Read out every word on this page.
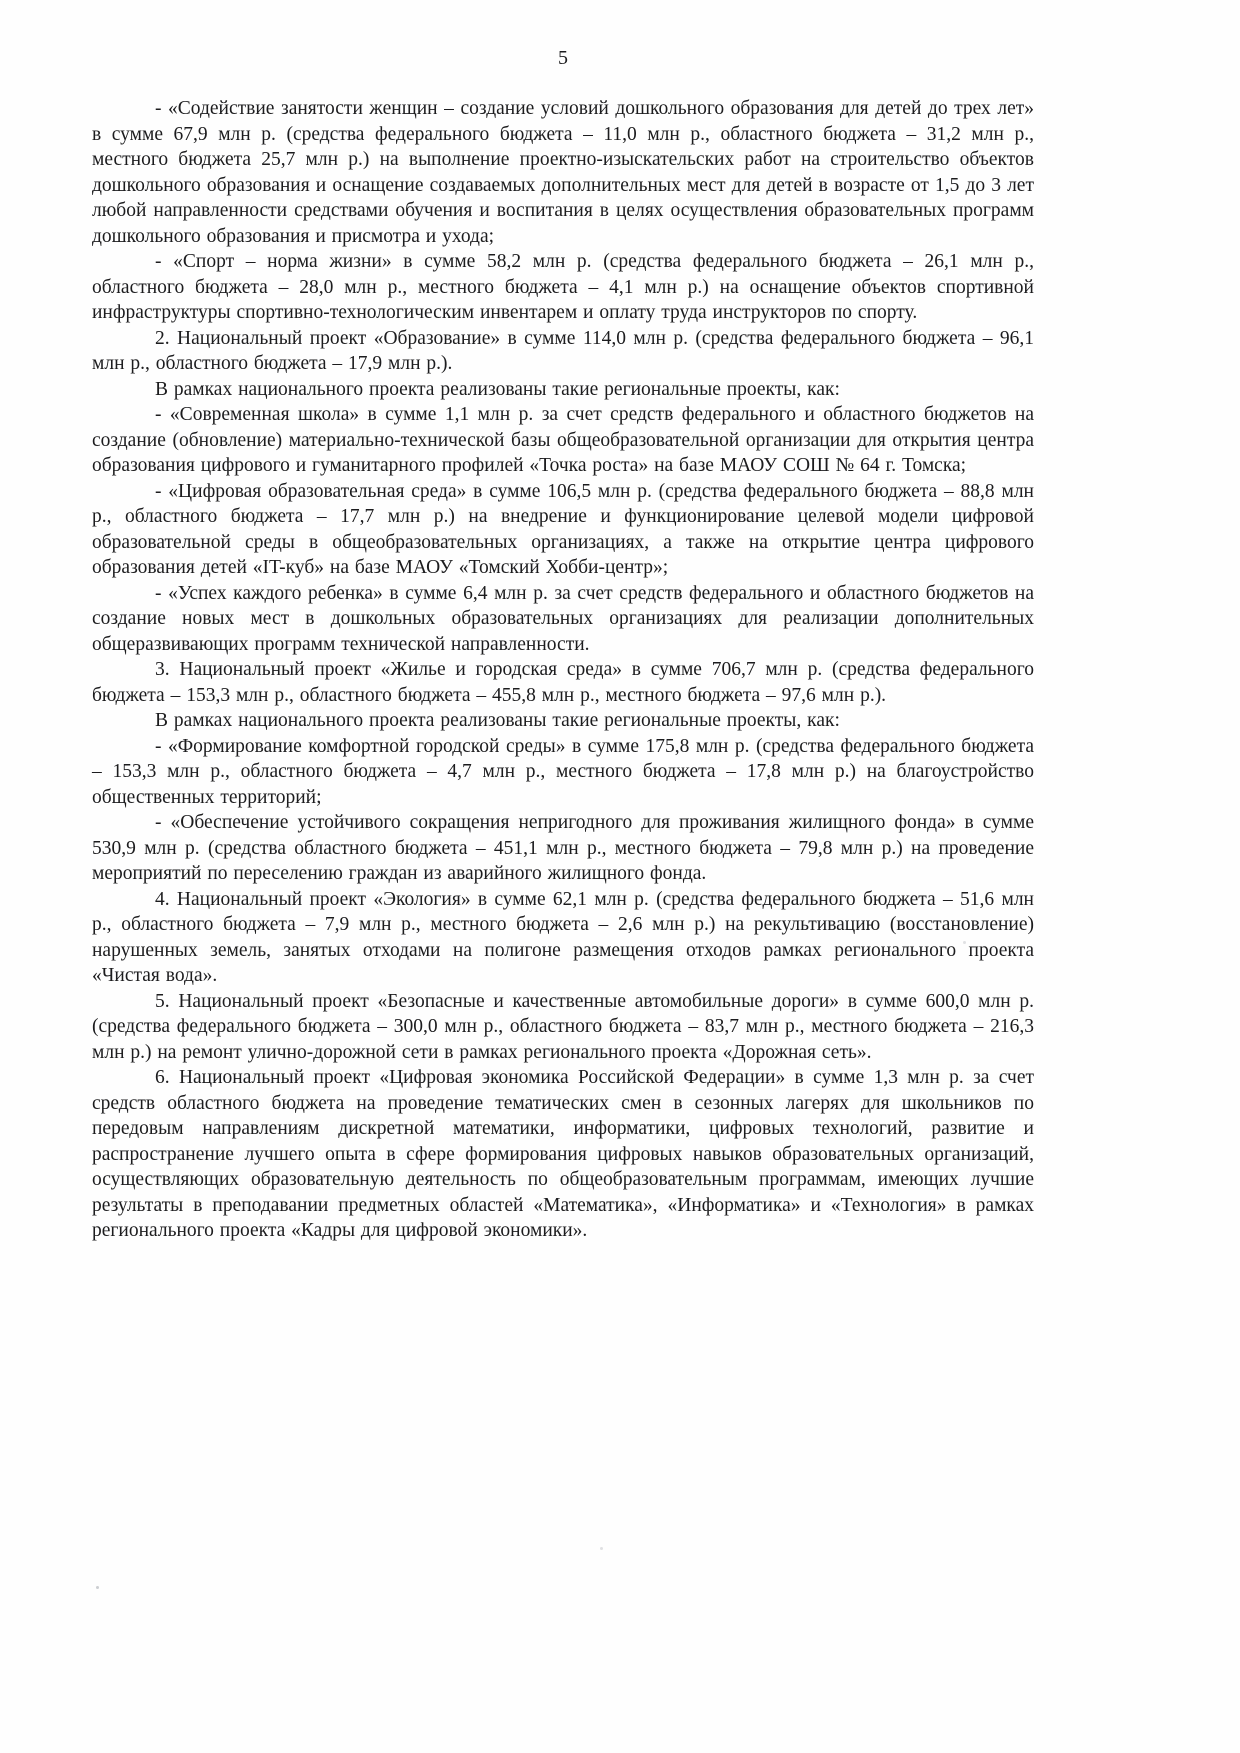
5

- «Содействие занятости женщин – создание условий дошкольного образования для детей до трех лет» в сумме 67,9 млн р. (средства федерального бюджета – 11,0 млн р., областного бюджета – 31,2 млн р., местного бюджета 25,7 млн р.) на выполнение проектно-изыскательских работ на строительство объектов дошкольного образования и оснащение создаваемых дополнительных мест для детей в возрасте от 1,5 до 3 лет любой направленности средствами обучения и воспитания в целях осуществления образовательных программ дошкольного образования и присмотра и ухода;

- «Спорт – норма жизни» в сумме 58,2 млн р. (средства федерального бюджета – 26,1 млн р., областного бюджета – 28,0 млн р., местного бюджета – 4,1 млн р.) на оснащение объектов спортивной инфраструктуры спортивно-технологическим инвентарем и оплату труда инструкторов по спорту.

2. Национальный проект «Образование» в сумме 114,0 млн р. (средства федерального бюджета – 96,1 млн р., областного бюджета – 17,9 млн р.).

В рамках национального проекта реализованы такие региональные проекты, как:

- «Современная школа» в сумме 1,1 млн р. за счет средств федерального и областного бюджетов на создание (обновление) материально-технической базы общеобразовательной организации для открытия центра образования цифрового и гуманитарного профилей «Точка роста» на базе МАОУ СОШ № 64 г. Томска;

- «Цифровая образовательная среда» в сумме 106,5 млн р. (средства федерального бюджета – 88,8 млн р., областного бюджета – 17,7 млн р.) на внедрение и функционирование целевой модели цифровой образовательной среды в общеобразовательных организациях, а также на открытие центра цифрового образования детей «IT-куб» на базе МАОУ «Томский Хобби-центр»;

- «Успех каждого ребенка» в сумме 6,4 млн р. за счет средств федерального и областного бюджетов на создание новых мест в дошкольных образовательных организациях для реализации дополнительных общеразвивающих программ технической направленности.

3. Национальный проект «Жилье и городская среда» в сумме 706,7 млн р. (средства федерального бюджета – 153,3 млн р., областного бюджета – 455,8 млн р., местного бюджета – 97,6 млн р.).

В рамках национального проекта реализованы такие региональные проекты, как:

- «Формирование комфортной городской среды» в сумме 175,8 млн р. (средства федерального бюджета – 153,3 млн р., областного бюджета – 4,7 млн р., местного бюджета – 17,8 млн р.) на благоустройство общественных территорий;

- «Обеспечение устойчивого сокращения непригодного для проживания жилищного фонда» в сумме 530,9 млн р. (средства областного бюджета – 451,1 млн р., местного бюджета – 79,8 млн р.) на проведение мероприятий по переселению граждан из аварийного жилищного фонда.

4. Национальный проект «Экология» в сумме 62,1 млн р. (средства федерального бюджета – 51,6 млн р., областного бюджета – 7,9 млн р., местного бюджета – 2,6 млн р.) на рекультивацию (восстановление) нарушенных земель, занятых отходами на полигоне размещения отходов рамках регионального проекта «Чистая вода».

5. Национальный проект «Безопасные и качественные автомобильные дороги» в сумме 600,0 млн р. (средства федерального бюджета – 300,0 млн р., областного бюджета – 83,7 млн р., местного бюджета – 216,3 млн р.) на ремонт улично-дорожной сети в рамках регионального проекта «Дорожная сеть».

6. Национальный проект «Цифровая экономика Российской Федерации» в сумме 1,3 млн р. за счет средств областного бюджета на проведение тематических смен в сезонных лагерях для школьников по передовым направлениям дискретной математики, информатики, цифровых технологий, развитие и распространение лучшего опыта в сфере формирования цифровых навыков образовательных организаций, осуществляющих образовательную деятельность по общеобразовательным программам, имеющих лучшие результаты в преподавании предметных областей «Математика», «Информатика» и «Технология» в рамках регионального проекта «Кадры для цифровой экономики».
